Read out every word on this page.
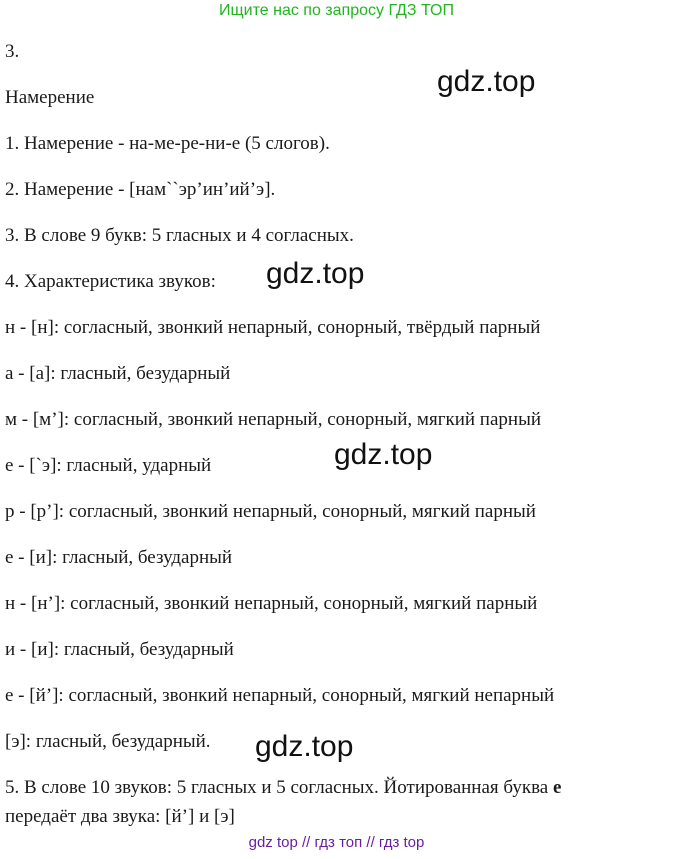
Ищите нас по запросу ГДЗ ТОП
3.
Намерение
1. Намерение - на-ме-ре-ни-е (5 слогов).
2. Намерение - [нам``эр’ин’ий’э].
3. В слове 9 букв: 5 гласных и 4 согласных.
4. Характеристика звуков:
н - [н]: согласный, звонкий непарный, сонорный, твёрдый парный
а - [а]: гласный, безударный
м - [м’]: согласный, звонкий непарный, сонорный, мягкий парный
е - [`э]: гласный, ударный
р - [р’]: согласный, звонкий непарный, сонорный, мягкий парный
е - [и]: гласный, безударный
н - [н’]: согласный, звонкий непарный, сонорный, мягкий парный
и - [и]: гласный, безударный
е - [й’]: согласный, звонкий непарный, сонорный, мягкий непарный
[э]: гласный, безударный.
5. В слове 10 звуков: 5 гласных и 5 согласных. Йотированная буква е
передаёт два звука: [й’] и [э]
gdz.top
gdz.top
gdz.top
gdz.top
gdz top // гдз топ // гдз top
